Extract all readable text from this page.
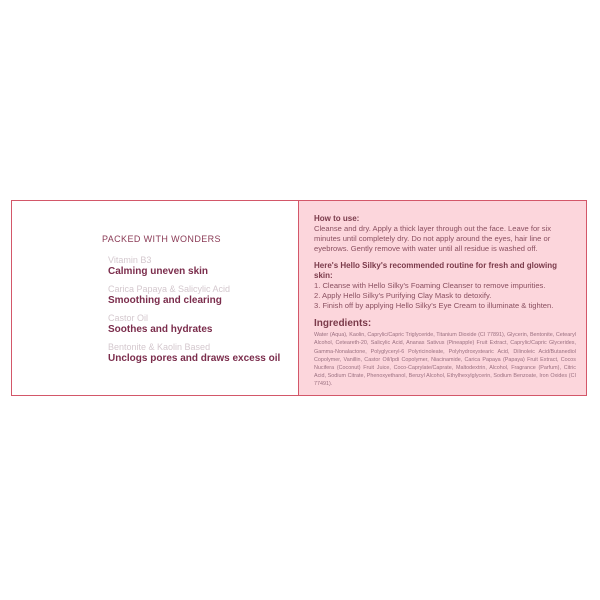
PACKED WITH WONDERS
Vitamin B3
Calming uneven skin
Carica Papaya & Salicylic Acid
Smoothing and clearing
Castor Oil
Soothes and hydrates
Bentonite & Kaolin Based
Unclogs pores and draws excess oil
How to use:
Cleanse and dry. Apply a thick layer through out the face. Leave for six minutes until completely dry. Do not apply around the eyes, hair line or eyebrows. Gently remove with water until all residue is washed off.
Here's Hello Silky's recommended routine for fresh and glowing skin:
1. Cleanse with Hello Silky's Foaming Cleanser to remove impurities.
2. Apply Hello Silky's Purifying Clay Mask to detoxify.
3. Finish off by applying Hello Silky's Eye Cream to illuminate & tighten.
Ingredients:
Water (Aqua), Kaolin, Caprylic/Capric Triglyceride, Titanium Dioxide (CI 77891), Glycerin, Bentonite, Cetearyl Alcohol, Ceteareth-20, Salicylic Acid, Ananas Sativus (Pineapple) Fruit Extract, Caprylic/Capric Glycerides, Gamma-Nonalactone, Polyglyceryl-6 Polyricinoleate, Polyhydroxystearic Acid, Dilinoleic Acid/Butanediol Copolymer, Vanillin, Castor Oil/Ipdi Copolymer, Niacinamide, Carica Papaya (Papaya) Fruit Extract, Cocos Nucifera (Coconut) Fruit Juice, Coco-Caprylate/Caprate, Maltodextrin, Alcohol, Fragrance (Parfum), Citric Acid, Sodium Citrate, Phenoxyethanol, Benzyl Alcohol, Ethylhexylglycerin, Sodium Benzoate, Iron Oxides (CI 77491).
